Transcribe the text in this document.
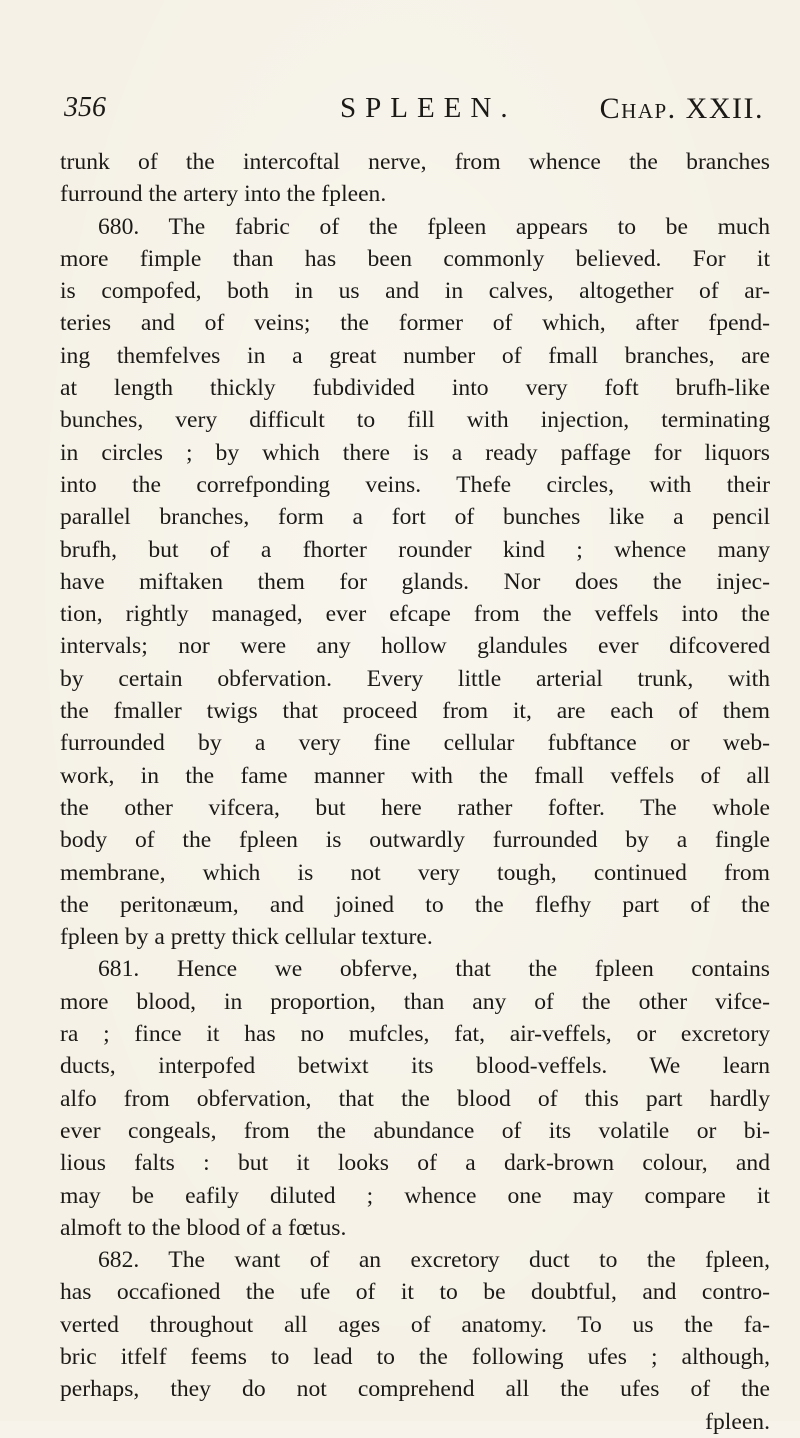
356	SPLEEN.	Chap. XXII.
trunk of the intercoftal nerve, from whence the branches
furround the artery into the fpleen.
680. The fabric of the fpleen appears to be much
more fimple than has been commonly believed. For it
is compofed, both in us and in calves, altogether of ar-
teries and of veins; the former of which, after fpend-
ing themfelves in a great number of fmall branches, are
at length thickly fubdivided into very foft brufh-like
bunches, very difficult to fill with injection, terminating
in circles ; by which there is a ready paffage for liquors
into the correfponding veins. Thefe circles, with their
parallel branches, form a fort of bunches like a pencil
brufh, but of a fhorter rounder kind ; whence many
have miftaken them for glands. Nor does the injec-
tion, rightly managed, ever efcape from the veffels into the
intervals; nor were any hollow glandules ever difcovered
by certain obfervation. Every little arterial trunk, with
the fmaller twigs that proceed from it, are each of them
furrounded by a very fine cellular fubftance or web-
work, in the fame manner with the fmall veffels of all
the other vifcera, but here rather fofter. The whole
body of the fpleen is outwardly furrounded by a fingle
membrane, which is not very tough, continued from
the peritonæum, and joined to the flefhy part of the
fpleen by a pretty thick cellular texture.
681. Hence we obferve, that the fpleen contains
more blood, in proportion, than any of the other vifce-
ra ; fince it has no mufcles, fat, air-veffels, or excretory
ducts, interpofed betwixt its blood-veffels. We learn
alfo from obfervation, that the blood of this part hardly
ever congeals, from the abundance of its volatile or bi-
lious falts : but it looks of a dark-brown colour, and
may be eafily diluted ; whence one may compare it
almoft to the blood of a fœtus.
682. The want of an excretory duct to the fpleen,
has occafioned the ufe of it to be doubtful, and contro-
verted throughout all ages of anatomy. To us the fa-
bric itfelf feems to lead to the following ufes ; although,
perhaps, they do not comprehend all the ufes of the
fpleen.
